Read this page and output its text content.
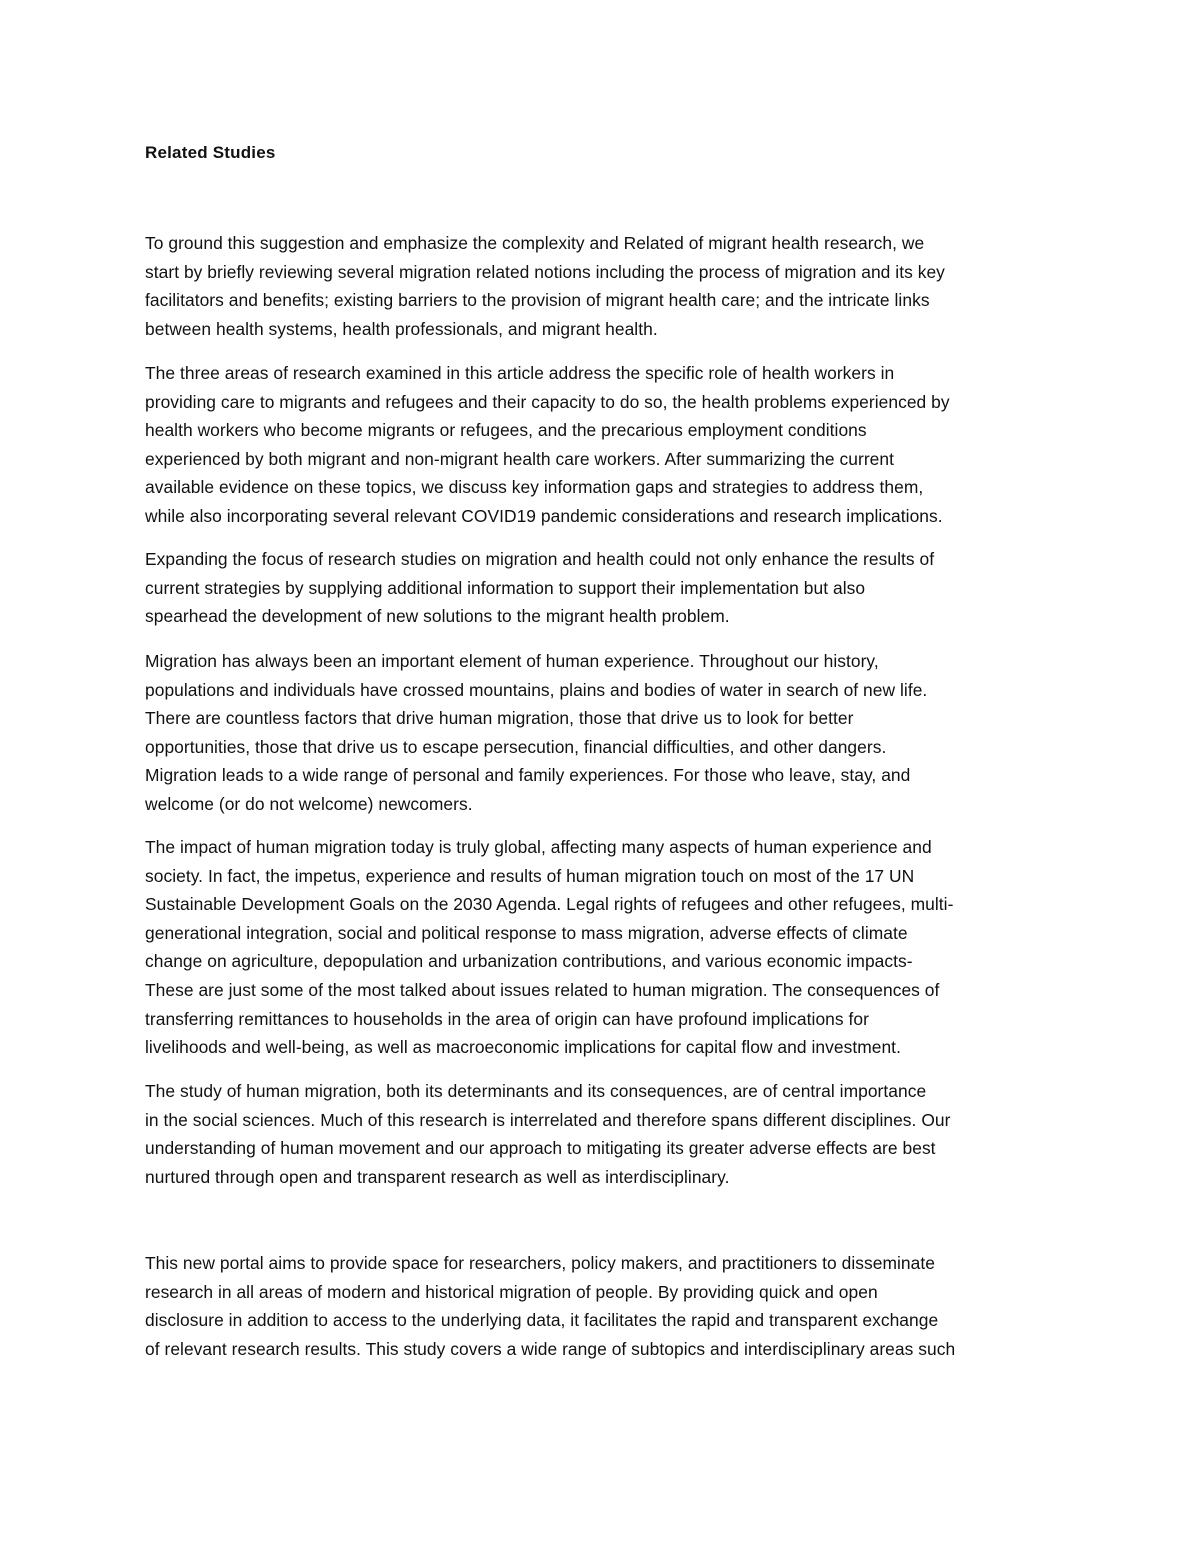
Related Studies
To ground this suggestion and emphasize the complexity and Related of migrant health research, we
start by briefly reviewing several migration related notions including the process of migration and its key
facilitators and benefits; existing barriers to the provision of migrant health care; and the intricate links
between health systems, health professionals, and migrant health.
The three areas of research examined in this article address the specific role of health workers in
providing care to migrants and refugees and their capacity to do so, the health problems experienced by
health workers who become migrants or refugees, and the precarious employment conditions
experienced by both migrant and non-migrant health care workers. After summarizing the current
available evidence on these topics, we discuss key information gaps and strategies to address them,
while also incorporating several relevant COVID19 pandemic considerations and research implications.
Expanding the focus of research studies on migration and health could not only enhance the results of
current strategies by supplying additional information to support their implementation but also
spearhead the development of new solutions to the migrant health problem.
Migration has always been an important element of human experience. Throughout our history,
populations and individuals have crossed mountains, plains and bodies of water in search of new life.
There are countless factors that drive human migration, those that drive us to look for better
opportunities, those that drive us to escape persecution, financial difficulties, and other dangers.
Migration leads to a wide range of personal and family experiences. For those who leave, stay, and
welcome (or do not welcome) newcomers.
The impact of human migration today is truly global, affecting many aspects of human experience and
society. In fact, the impetus, experience and results of human migration touch on most of the 17 UN
Sustainable Development Goals on the 2030 Agenda. Legal rights of refugees and other refugees, multi-
generational integration, social and political response to mass migration, adverse effects of climate
change on agriculture, depopulation and urbanization contributions, and various economic impacts-
These are just some of the most talked about issues related to human migration. The consequences of
transferring remittances to households in the area of origin can have profound implications for
livelihoods and well-being, as well as macroeconomic implications for capital flow and investment.
The study of human migration, both its determinants and its consequences, are of central importance
in the social sciences. Much of this research is interrelated and therefore spans different disciplines. Our
understanding of human movement and our approach to mitigating its greater adverse effects are best
nurtured through open and transparent research as well as interdisciplinary.
This new portal aims to provide space for researchers, policy makers, and practitioners to disseminate
research in all areas of modern and historical migration of people. By providing quick and open
disclosure in addition to access to the underlying data, it facilitates the rapid and transparent exchange
of relevant research results. This study covers a wide range of subtopics and interdisciplinary areas such
